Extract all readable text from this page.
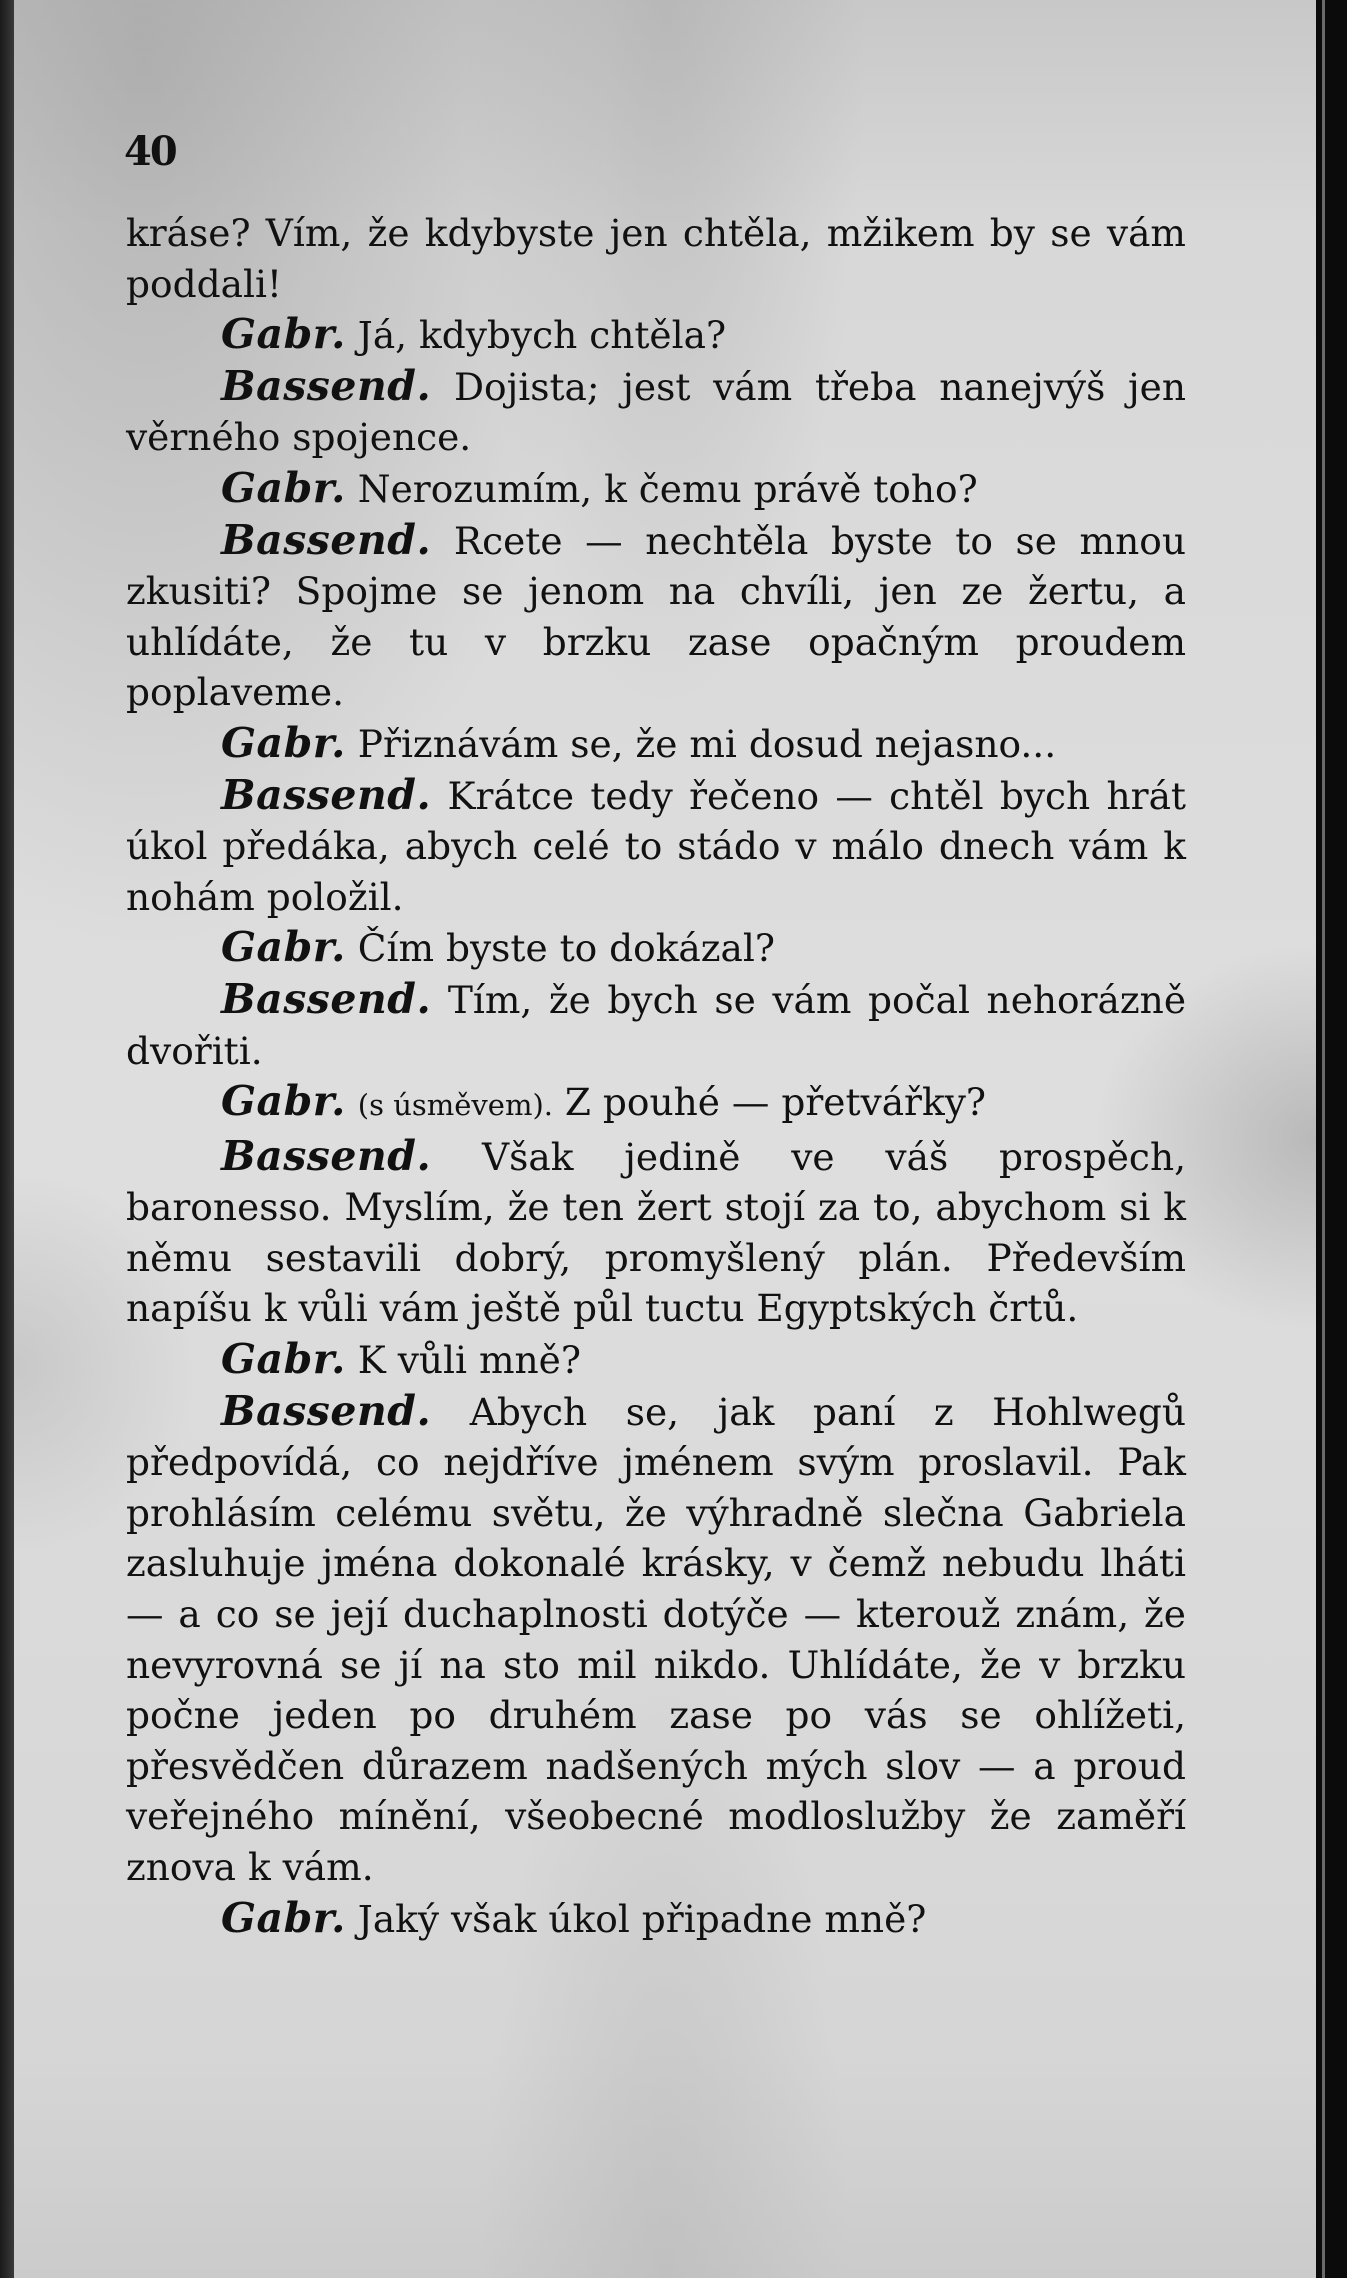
40

krásе? Vím, že kdybyste jen chtěla, mžikem by se vám poddali!

Gabr. Já, kdybych chtěla?

Bassend. Dojista; jest vám třeba nanejvýš jen věrného spojence.

Gabr. Nerozumím, k čemu právě toho?

Bassend. Rcete — nechtěla byste to se mnou zkusiti? Spojme se jenom na chvíli, jen ze žertu, a uhlídáte, že tu v brzku zase opačným proudem poplaveme.

Gabr. Přiznávám se, že mi dosud nejasno...

Bassend. Krátce tedy řečeno — chtěl bych hrát úkol předáka, abych celé to stádo v málo dnech vám k nohám položil.

Gabr. Čím byste to dokázal?

Bassend. Tím, že bych se vám počal nehorázně dvořiti.

Gabr. (s úsměvem). Z pouhé — přetvářky?

Bassend. Však jedině ve váš prospěch, baronesso. Myslím, že ten žert stojí za to, abychom si k němu sestavili dobrý, promyšlený plán. Především napíšu k vůli vám ještě půl tuctu Egyptských črtů.

Gabr. K vůli mně?

Bassend. Abych se, jak paní z Hohlwegů předpovídá, co nejdříve jménem svým proslavil. Pak prohlásím celému světu, že výhradně slečna Gabriela zasluhuje jména dokonalé krásky, v čemž nebudu lháti — a co se její duchaplnosti dotýče — kterouž znám, že nevyrovná se jí na sto mil nikdo. Uhlídáte, že v brzku počne jeden po druhém zase po vás se ohlížeti, přesvědčen důrazem nadšených mých slov — a proud veřejného mínění, všeobecné modloslužby že zaměří znova k vám.

Gabr. Jaký však úkol připadne mně?
